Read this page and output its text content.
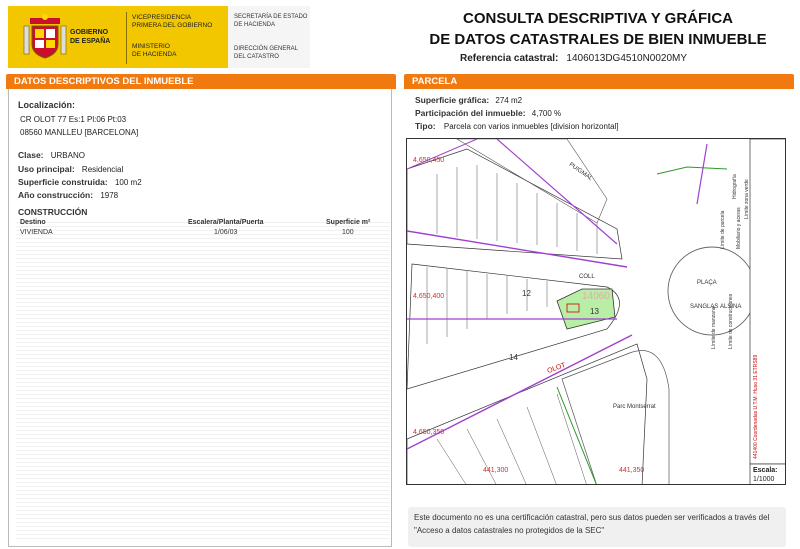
GOBIERNO
DE ESPAÑA
VICEPRESIDENCIA
PRIMERA DEL GOBIERNO
MINISTERIO
DE HACIENDA
SECRETARÍA DE ESTADO
DE HACIENDA
DIRECCIÓN GENERAL
DEL CATASTRO
CONSULTA DESCRIPTIVA Y GRÁFICA
DE DATOS CATASTRALES DE BIEN INMUEBLE
Referencia catastral: 1406013DG4510N0020MY
DATOS DESCRIPTIVOS DEL INMUEBLE
Localización:
CR OLOT 77 Es:1 Pl:06 Pt:03
08560 MANLLEU [BARCELONA]
Clase: URBANO
Uso principal: Residencial
Superficie construida: 100 m2
Año construcción: 1978
CONSTRUCCIÓN
Destino	Escalera/Planta/Puerta	Superficie m²
VIVIENDA	1/06/03	100
PARCELA
Superficie gráfica: 274 m2
Participación del inmueble: 4,700 %
Tipo: Parcela con varios inmuebles [division horizontal]
4,650,450
4,650,400
4,650,350
441,300	441,350
14060
12
13
14
OLOT
COLL
PUIGMAL
PLAÇA
SANGLAS ALSINA
Parc Montserrat
Escala:
1/1000
Límite de manzana
Límite de parcela
Límite de construcciones
Mobiliario y aceras
Límite zona verde
Hidrografía
441400 Coordenadas U.T.M. Huso 31 ETRS89
Este documento no es una certificación catastral, pero sus datos pueden ser verificados a través del "Acceso a datos catastrales no protegidos de la SEC"
